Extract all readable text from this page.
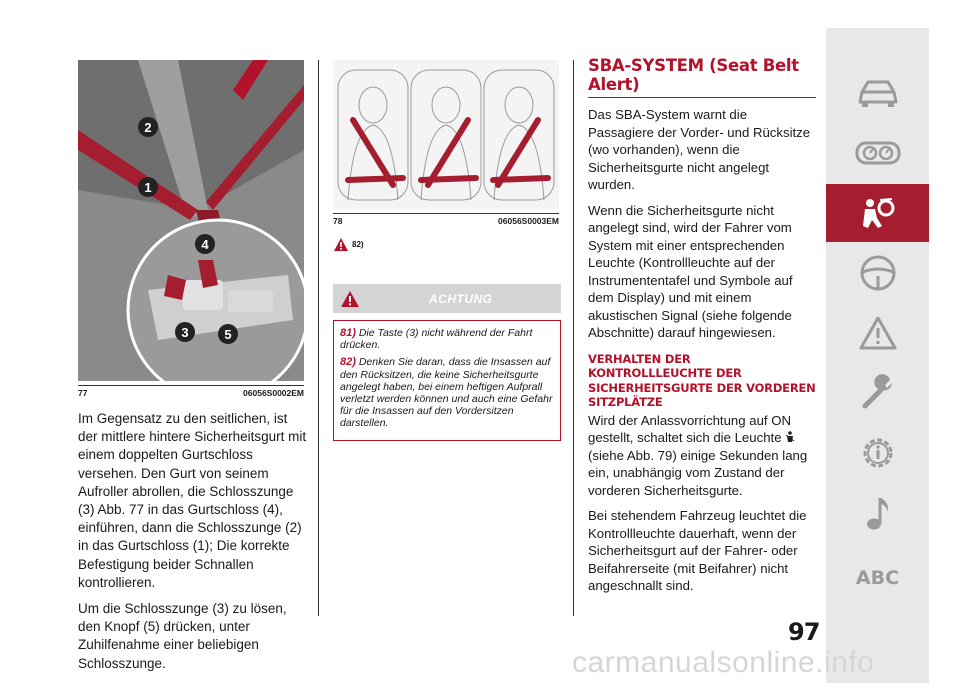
2
1
4
3	5
77	06056S0002EM

Im Gegensatz zu den seitlichen, ist der mittlere hintere Sicherheitsgurt mit einem doppelten Gurtschloss versehen. Den Gurt von seinem Aufroller abrollen, die Schlosszunge (3) Abb. 77 in das Gurtschloss (4), einführen, dann die Schlosszunge (2) in das Gurtschloss (1); Die korrekte Befestigung beider Schnallen kontrollieren.

Um die Schlosszunge (3) zu lösen, den Knopf (5) drücken, unter Zuhilfenahme einer beliebigen Schlosszunge.

78	06056S0003EM
82)
ACHTUNG

81) Die Taste (3) nicht während der Fahrt drücken.

82) Denken Sie daran, dass die Insassen auf den Rücksitzen, die keine Sicherheitsgurte angelegt haben, bei einem heftigen Aufprall verletzt werden können und auch eine Gefahr für die Insassen auf den Vordersitzen darstellen.

SBA-SYSTEM (Seat Belt Alert)

Das SBA-System warnt die Passagiere der Vorder- und Rücksitze (wo vorhanden), wenn die Sicherheitsgurte nicht angelegt wurden.

Wenn die Sicherheitsgurte nicht angelegt sind, wird der Fahrer vom System mit einer entsprechenden Leuchte (Kontrollleuchte auf der Instrumententafel und Symbole auf dem Display) und mit einem akustischen Signal (siehe folgende Abschnitte) darauf hingewiesen.

VERHALTEN DER KONTROLLLEUCHTE DER SICHERHEITSGURTE DER VORDEREN SITZPLÄTZE

Wird der Anlassvorrichtung auf ON gestellt, schaltet sich die Leuchte  (siehe Abb. 79) einige Sekunden lang ein, unabhängig vom Zustand der vorderen Sicherheitsgurte.

Bei stehendem Fahrzeug leuchtet die Kontrollleuchte dauerhaft, wenn der Sicherheitsgurt auf der Fahrer- oder Beifahrerseite (mit Beifahrer) nicht angeschnallt sind.	ABC
97
carmanualsonline.info
